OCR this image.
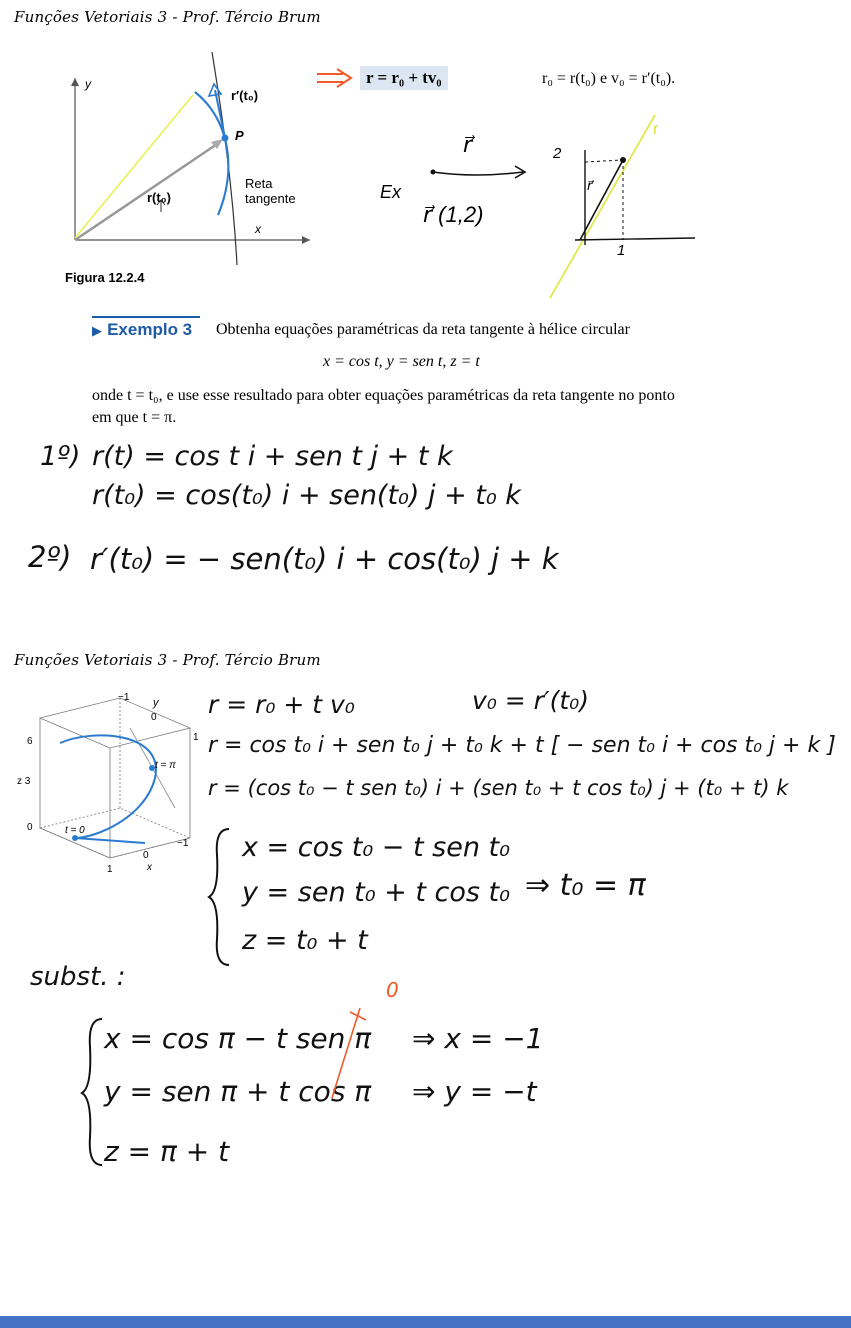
Funções Vetoriais 3 - Prof. Tércio Brum
y
x
r′(t₀)
P
r(t₀)
Reta
tangente
Figura 12.2.4
r = r₀ + tv₀	r₀ = r(t₀) e v₀ = r′(t₀).
r⃗
Ex
r⃗ (1,2)
2
1
r⃗
r
▶ Exemplo 3 Obtenha equações paramétricas da reta tangente à hélice circular
x = cos t, y = sen t, z = t
onde t = t₀, e use esse resultado para obter equações paramétricas da reta tangente no ponto
em que t = π.
1º) r(t) = cos t i + sen t j + t k
r(t₀) = cos(t₀) i + sen(t₀) j + t₀ k
2º) r′(t₀) = − sen(t₀) i + cos(t₀) j + k
Funções Vetoriais 3 - Prof. Tércio Brum
−1 y
0
1
6
z 3
0	t = 0
t = π
−1
1
0
x
r = r₀ + t v₀	v₀ = r′(t₀)
r = cos t₀ i + sen t₀ j + t₀ k + t [ − sen t₀ i + cos t₀ j + k ]
r = (cos t₀ − t sen t₀) i + (sen t₀ + t cos t₀) j + (t₀ + t) k
x = cos t₀ − t sen t₀
y = sen t₀ + t cos t₀
z = t₀ + t
⇒ t₀ = π
subst. :
x = cos π − t sen π ⇒ x = −1
y = sen π + t cos π ⇒ y = −t
z = π + t
0
